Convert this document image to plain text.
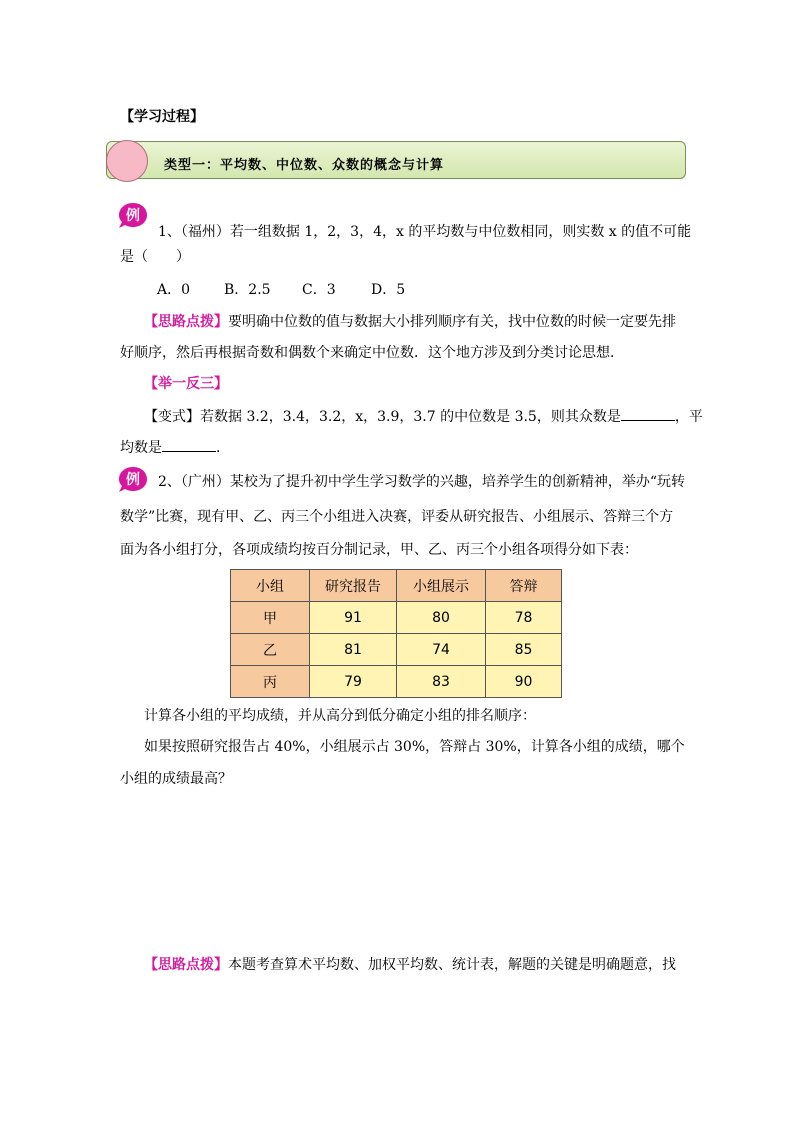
【学习过程】
类型一：平均数、中位数、众数的概念与计算
例
1、（福州）若一组数据 1，2，3，4，x 的平均数与中位数相同，则实数 x 的值不可能
是（　　）
A．0 B．2.5 C．3	D．5
【思路点拨】要明确中位数的值与数据大小排列顺序有关，找中位数的时候一定要先排
好顺序，然后再根据奇数和偶数个来确定中位数．这个地方涉及到分类讨论思想．
【举一反三】
【变式】若数据 3.2，3.4，3.2，x，3.9，3.7 的中位数是 3.5，则其众数是	，平
均数是	.
例 2、（广州）某校为了提升初中学生学习数学的兴趣，培养学生的创新精神，举办“玩转
数学”比赛，现有甲、乙、丙三个小组进入决赛，评委从研究报告、小组展示、答辩三个方
面为各小组打分，各项成绩均按百分制记录，甲、乙、丙三个小组各项得分如下表：
小组	研究报告	小组展示	答辩
甲	91	80	78
乙	81	74	85
丙	79	83	90
计算各小组的平均成绩，并从高分到低分确定小组的排名顺序：
如果按照研究报告占 40%，小组展示占 30%，答辩占 30%，计算各小组的成绩，哪个
小组的成绩最高？
【思路点拨】本题考查算术平均数、加权平均数、统计表，解题的关键是明确题意，找
